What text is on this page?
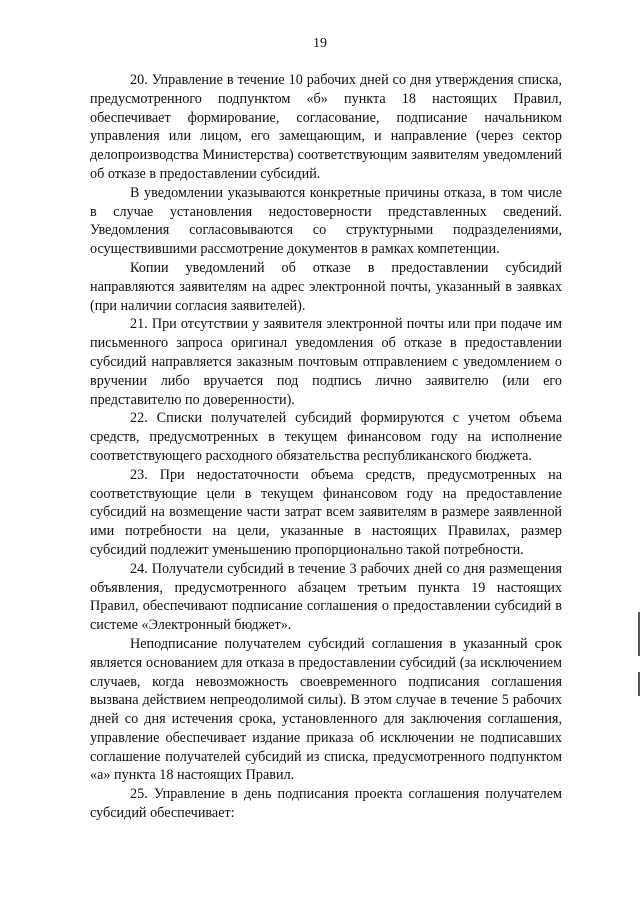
19

20. Управление в течение 10 рабочих дней со дня утверждения списка, предусмотренного подпунктом «б» пункта 18 настоящих Правил, обеспечивает формирование, согласование, подписание начальником управления или лицом, его замещающим, и направление (через сектор делопроизводства Министерства) соответствующим заявителям уведомлений об отказе в предоставлении субсидий.

В уведомлении указываются конкретные причины отказа, в том числе в случае установления недостоверности представленных сведений. Уведомления согласовываются со структурными подразделениями, осуществившими рассмотрение документов в рамках компетенции.

Копии уведомлений об отказе в предоставлении субсидий направляются заявителям на адрес электронной почты, указанный в заявках (при наличии согласия заявителей).

21. При отсутствии у заявителя электронной почты или при подаче им письменного запроса оригинал уведомления об отказе в предоставлении субсидий направляется заказным почтовым отправлением с уведомлением о вручении либо вручается под подпись лично заявителю (или его представителю по доверенности).

22. Списки получателей субсидий формируются с учетом объема средств, предусмотренных в текущем финансовом году на исполнение соответствующего расходного обязательства республиканского бюджета.

23. При недостаточности объема средств, предусмотренных на соответствующие цели в текущем финансовом году на предоставление субсидий на возмещение части затрат всем заявителям в размере заявленной ими потребности на цели, указанные в настоящих Правилах, размер субсидий подлежит уменьшению пропорционально такой потребности.

24. Получатели субсидий в течение 3 рабочих дней со дня размещения объявления, предусмотренного абзацем третьим пункта 19 настоящих Правил, обеспечивают подписание соглашения о предоставлении субсидий в системе «Электронный бюджет».

Неподписание получателем субсидий соглашения в указанный срок является основанием для отказа в предоставлении субсидий (за исключением случаев, когда невозможность своевременного подписания соглашения вызвана действием непреодолимой силы). В этом случае в течение 5 рабочих дней со дня истечения срока, установленного для заключения соглашения, управление обеспечивает издание приказа об исключении не подписавших соглашение получателей субсидий из списка, предусмотренного подпунктом «а» пункта 18 настоящих Правил.

25. Управление в день подписания проекта соглашения получателем субсидий обеспечивает:
